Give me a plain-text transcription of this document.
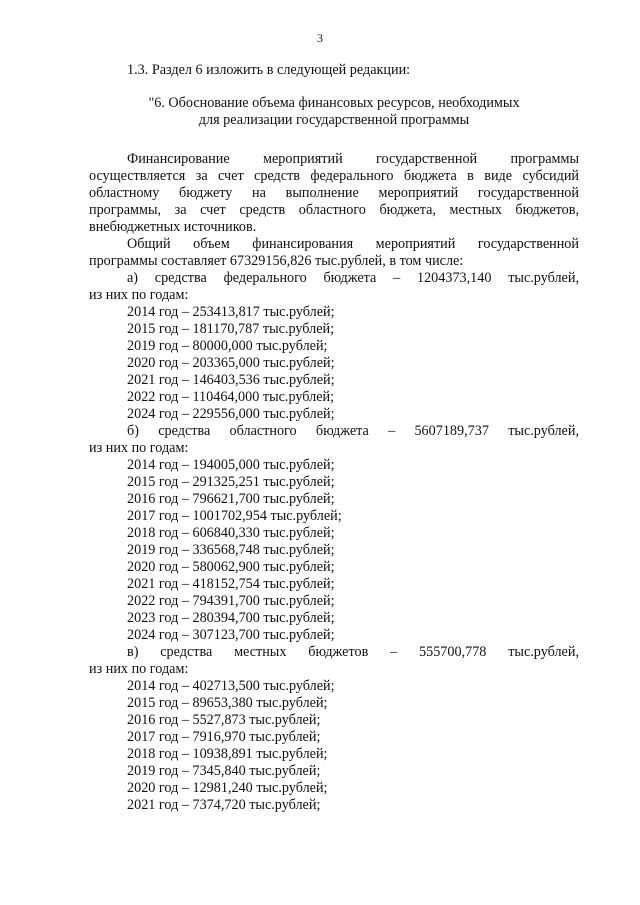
3
1.3. Раздел 6 изложить в следующей редакции:
"6. Обоснование объема финансовых ресурсов, необходимых
для реализации государственной программы
Финансирование мероприятий государственной программы
осуществляется за счет средств федерального бюджета в виде субсидий
областному бюджету на выполнение мероприятий государственной
программы, за счет средств областного бюджета, местных бюджетов,
внебюджетных источников.
Общий объем финансирования мероприятий государственной
программы составляет 67329156,826 тыс.рублей, в том числе:
а) средства федерального бюджета – 1204373,140 тыс.рублей,
из них по годам:
2014 год – 253413,817 тыс.рублей;
2015 год – 181170,787 тыс.рублей;
2019 год – 80000,000 тыс.рублей;
2020 год – 203365,000 тыс.рублей;
2021 год – 146403,536 тыс.рублей;
2022 год – 110464,000 тыс.рублей;
2024 год – 229556,000 тыс.рублей;
б) средства областного бюджета – 5607189,737 тыс.рублей,
из них по годам:
2014 год – 194005,000 тыс.рублей;
2015 год – 291325,251 тыс.рублей;
2016 год – 796621,700 тыс.рублей;
2017 год – 1001702,954 тыс.рублей;
2018 год – 606840,330 тыс.рублей;
2019 год – 336568,748 тыс.рублей;
2020 год – 580062,900 тыс.рублей;
2021 год – 418152,754 тыс.рублей;
2022 год – 794391,700 тыс.рублей;
2023 год – 280394,700 тыс.рублей;
2024 год – 307123,700 тыс.рублей;
в) средства местных бюджетов – 555700,778 тыс.рублей,
из них по годам:
2014 год – 402713,500 тыс.рублей;
2015 год – 89653,380 тыс.рублей;
2016 год – 5527,873 тыс.рублей;
2017 год – 7916,970 тыс.рублей;
2018 год – 10938,891 тыс.рублей;
2019 год – 7345,840 тыс.рублей;
2020 год – 12981,240 тыс.рублей;
2021 год – 7374,720 тыс.рублей;
